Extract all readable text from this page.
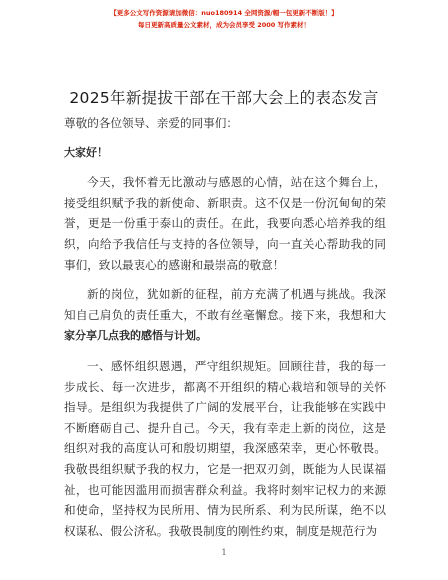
【更多公文写作资源请加微信：nuo180914 全网资源/帽一包更新不断版！】
每日更新高质量公文素材，成为会员享受 2000 写作素材！
2025年新提拔干部在干部大会上的表态发言

尊敬的各位领导、亲爱的同事们：

大家好！

今天，我怀着无比激动与感恩的心情，站在这个舞台上，接受组织赋予我的新使命、新职责。这不仅是一份沉甸甸的荣誉，更是一份重于泰山的责任。在此，我要向悉心培养我的组织，向给予我信任与支持的各位领导，向一直关心帮助我的同事们，致以最衷心的感谢和最崇高的敬意！

新的岗位，犹如新的征程，前方充满了机遇与挑战。我深知自己肩负的责任重大，不敢有丝毫懈怠。接下来，我想和大家分享几点我的感悟与计划。

一、感怀组织恩遇，严守组织规矩。回顾往昔，我的每一步成长、每一次进步，都离不开组织的精心栽培和领导的关怀指导。是组织为我提供了广阔的发展平台，让我能够在实践中不断磨砺自己、提升自己。今天，我有幸走上新的岗位，这是组织对我的高度认可和殷切期望，我深感荣幸，更心怀敬畏。我敬畏组织赋予我的权力，它是一把双刃剑，既能为人民谋福祉，也可能因滥用而损害群众利益。我将时刻牢记权力的来源和使命，坚持权为民所用、情为民所系、利为民所谋，绝不以权谋私、假公济私。我敬畏制度的刚性约束，制度是规范行为

1
